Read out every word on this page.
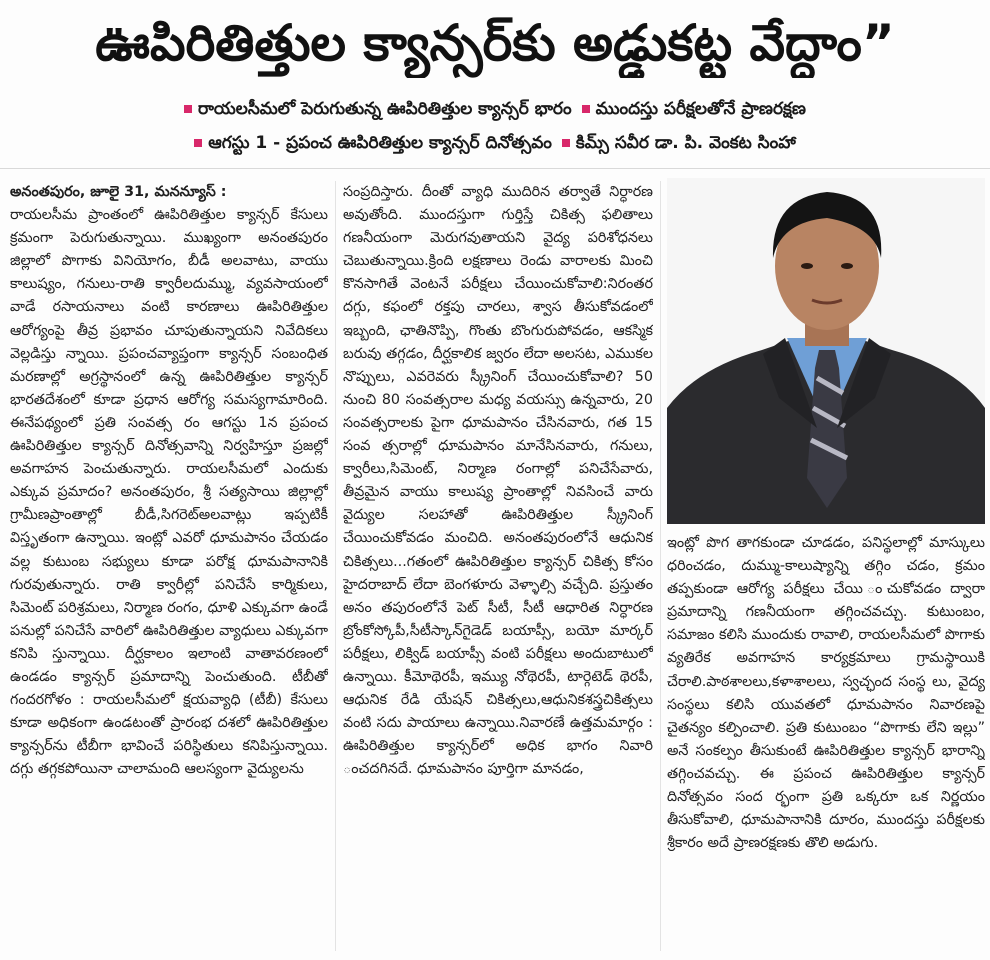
ఊపిరితిత్తుల క్యాన్సర్‌కు అడ్డుకట్ట వేద్దాం”
రాయలసీమలో పెరుగుతున్న ఊపిరితిత్తుల క్యాన్సర్ భారం	ముందస్తు పరీక్షలతోనే ప్రాణరక్షణ
ఆగస్టు 1 - ప్రపంచ ఊపిరితిత్తుల క్యాన్సర్ దినోత్సవం	కిమ్స్ సవీర డా. పి. వెంకట సింహా

అనంతపురం, జూలై 31, మనన్యూస్ :

రాయలసీమ ప్రాంతంలో ఊపిరితిత్తుల క్యాన్సర్ కేసులు క్రమంగా పెరుగుతున్నాయి. ముఖ్యంగా అనంతపురం జిల్లాలో పొగాకు వినియోగం, బీడీ అలవాటు, వాయు కాలుష్యం, గనులు-రాతి క్వారీలదుమ్ము, వ్యవసాయంలో వాడే రసాయనాలు వంటి కారణాలు ఊపిరితిత్తుల ఆరోగ్యంపై తీవ్ర ప్రభావం చూపుతున్నాయని నివేదికలు వెల్లడిస్తు న్నాయి. ప్రపంచవ్యాప్తంగా క్యాన్సర్ సంబంధిత మరణాల్లో అగ్రస్థానంలో ఉన్న ఊపిరితిత్తుల క్యాన్సర్ భారతదేశంలో కూడా ప్రధాన ఆరోగ్య సమస్యగామారింది. ఈనేపథ్యంలో ప్రతి సంవత్స రం ఆగస్టు 1న ప్రపంచ ఊపిరితిత్తుల క్యాన్సర్ దినోత్సవాన్ని నిర్వహిస్తూ ప్రజల్లో అవగాహన పెంచుతున్నారు. రాయలసీమలో ఎందుకు ఎక్కువ ప్రమాదం? అనంతపురం, శ్రీ సత్యసాయి జిల్లాల్లో గ్రామీణప్రాంతాల్లో బీడీ,సిగరెట్‌అలవాట్లు ఇప్పటికీ విస్తృతంగా ఉన్నాయి. ఇంట్లో ఎవరో ధూమపానం చేయడం వల్ల కుటుంబ సభ్యులు కూడా పరోక్ష ధూమపానానికి గురవుతున్నారు. రాతి క్వారీల్లో పనిచేసే కార్మికులు, సిమెంట్ పరిశ్రమలు, నిర్మాణ రంగం, ధూళి ఎక్కువగా ఉండే పనుల్లో పనిచేసే వారిలో ఊపిరితిత్తుల వ్యాధులు ఎక్కువగా కనిపి స్తున్నాయి. దీర్ఘకాలం ఇలాంటి వాతావరణంలో ఉండడం క్యాన్సర్ ప్రమాదాన్ని పెంచుతుంది. టీబీతో గందరగోళం : రాయలసీమలో క్షయవ్యాధి (టీబీ) కేసులు కూడా అధికంగా ఉండటంతో ప్రారంభ దశలో ఊపిరితిత్తుల క్యాన్సర్‌ను టీబీగా భావించే పరిస్థితులు కనిపిస్తున్నాయి. దగ్గు తగ్గకపోయినా చాలామంది ఆలస్యంగా వైద్యులను

సంప్రదిస్తారు. దీంతో వ్యాధి ముదిరిన తర్వాతే నిర్ధారణ అవుతోంది. ముందస్తుగా గుర్తిస్తే చికిత్స ఫలితాలు గణనీయంగా మెరుగవుతాయని వైద్య పరిశోధనలు చెబుతున్నాయి.క్రింది లక్షణాలు రెండు వారాలకు మించి కొనసాగితే వెంటనే పరీక్షలు చేయించుకోవాలి:నిరంతర దగ్గు, కఫంలో రక్తపు చారలు, శ్వాస తీసుకోవడంలో ఇబ్బంది, ఛాతినొప్పి, గొంతు బొంగురుపోవడం, ఆకస్మిక బరువు తగ్గడం, దీర్ఘకాలిక జ్వరం లేదా అలసట, ఎముకల నొప్పులు, ఎవరెవరు స్క్రీనింగ్ చేయించుకోవాలి? 50 నుంచి 80 సంవత్సరాల మధ్య వయస్సు ఉన్నవారు, 20 సంవత్సరాలకు పైగా ధూమపానం చేసినవారు, గత 15 సంవ త్సరాల్లో ధూమపానం మానేసినవారు, గనులు, క్వారీలు,సిమెంట్, నిర్మాణ రంగాల్లో పనిచేసేవారు, తీవ్రమైన వాయు కాలుష్య ప్రాంతాల్లో నివసించే వారు వైద్యుల సలహాతో ఊపిరితిత్తుల స్క్రీనింగ్ చేయించుకోవడం మంచిది. అనంతపురంలోనే ఆధునిక చికిత్సలు...గతంలో ఊపిరితిత్తుల క్యాన్సర్ చికిత్స కోసం హైదరాబాద్ లేదా బెంగళూరు వెళ్ళాల్సి వచ్చేది. ప్రస్తుతం అనం తపురంలోనే పెట్ సీటీ, సీటీ ఆధారిత నిర్ధారణ బ్రోంకోస్కోపీ,సీటీస్కాన్‌గైడెడ్ బయాప్సీ, బయో మార్కర్ పరీక్షలు, లిక్విడ్ బయాప్సీ వంటి పరీక్షలు అందుబాటులో ఉన్నాయి. కీమోథెరపీ, ఇమ్యు నోథెరపీ, టార్గెటెడ్ థెరపీ, ఆధునిక రేడి యేషన్ చికిత్సలు,ఆధునికశస్త్రచికిత్సలు వంటి సదు పాయాలు ఉన్నాయి.నివారణే ఉత్తమమార్గం : ఊపిరితిత్తుల క్యాన్సర్‌లో అధిక భాగం నివారి ంచదగినదే. ధూమపానం పూర్తిగా మానడం,

ఇంట్లో పొగ తాగకుండా చూడడం, పనిస్థలాల్లో మాస్కులు ధరించడం, దుమ్ము-కాలుష్యాన్ని తగ్గిం చడం, క్రమం తప్పకుండా ఆరోగ్య పరీక్షలు చేయి ంచుకోవడం ద్వారా ప్రమాదాన్ని గణనీయంగా తగ్గించవచ్చు. కుటుంబం, సమాజం కలిసి ముందుకు రావాలి, రాయలసీమలో పొగాకు వ్యతిరేక అవగాహన కార్యక్రమాలు గ్రామస్థాయికి చేరాలి.పాఠశాలలు,కళాశాలలు, స్వచ్ఛంద సంస్థ లు, వైద్య సంస్థలు కలిసి యువతలో ధూమపానం నివారణపై చైతన్యం కల్పించాలి. ప్రతి కుటుంబం “పొగాకు లేని ఇల్లు” అనే సంకల్పం తీసుకుంటే ఊపిరితిత్తుల క్యాన్సర్ భారాన్ని తగ్గించవచ్చు. ఈ ప్రపంచ ఊపిరితిత్తుల క్యాన్సర్ దినోత్సవం సంద ర్భంగా ప్రతి ఒక్కరూ ఒక నిర్ణయం తీసుకోవాలి, ధూమపానానికి దూరం, ముందస్తు పరీక్షలకు శ్రీకారం అదే ప్రాణరక్షణకు తొలి అడుగు.
